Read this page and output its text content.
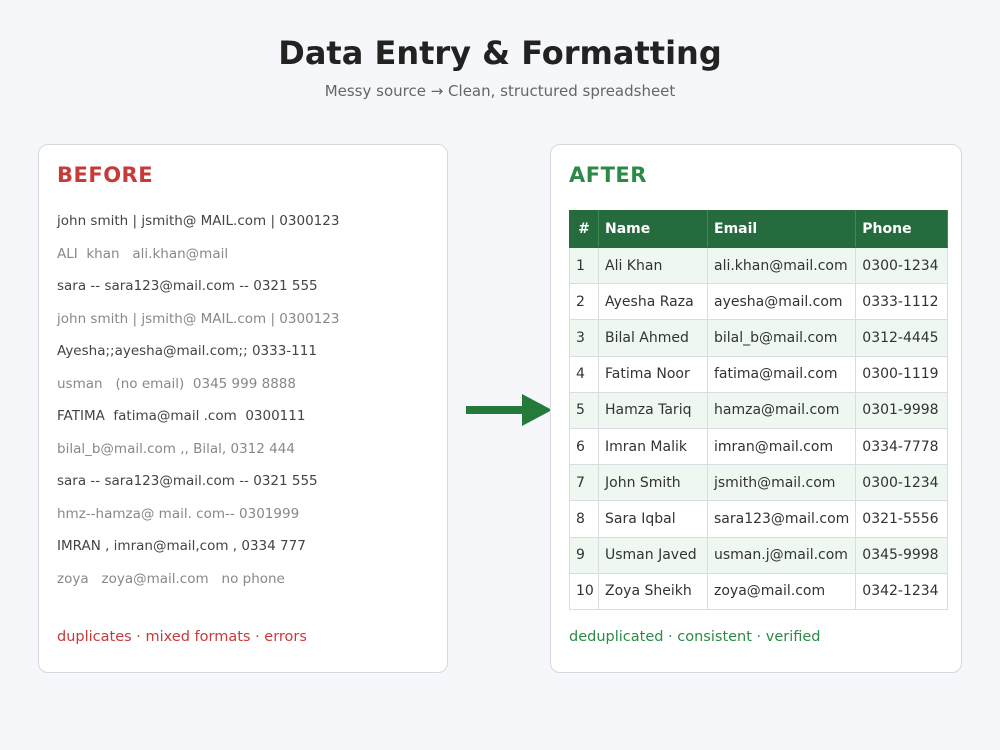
Data Entry & Formatting
Messy source → Clean, structured spreadsheet
BEFORE
john smith | jsmith@ MAIL.com | 0300123
ALI  khan   ali.khan@mail
sara -- sara123@mail.com -- 0321 555
john smith | jsmith@ MAIL.com | 0300123
Ayesha;;ayesha@mail.com;; 0333-111
usman   (no email)  0345 999 8888
FATIMA  fatima@mail .com  0300111
bilal_b@mail.com ,, Bilal, 0312 444
sara -- sara123@mail.com -- 0321 555
hmz--hamza@ mail. com-- 0301999
IMRAN , imran@mail,com , 0334 777
zoya   zoya@mail.com   no phone
duplicates · mixed formats · errors
AFTER
#	Name	Email	Phone
1	Ali Khan	ali.khan@mail.com	0300-1234
2	Ayesha Raza	ayesha@mail.com	0333-1112
3	Bilal Ahmed	bilal_b@mail.com	0312-4445
4	Fatima Noor	fatima@mail.com	0300-1119
5	Hamza Tariq	hamza@mail.com	0301-9998
6	Imran Malik	imran@mail.com	0334-7778
7	John Smith	jsmith@mail.com	0300-1234
8	Sara Iqbal	sara123@mail.com	0321-5556
9	Usman Javed	usman.j@mail.com	0345-9998
10	Zoya Sheikh	zoya@mail.com	0342-1234
deduplicated · consistent · verified
